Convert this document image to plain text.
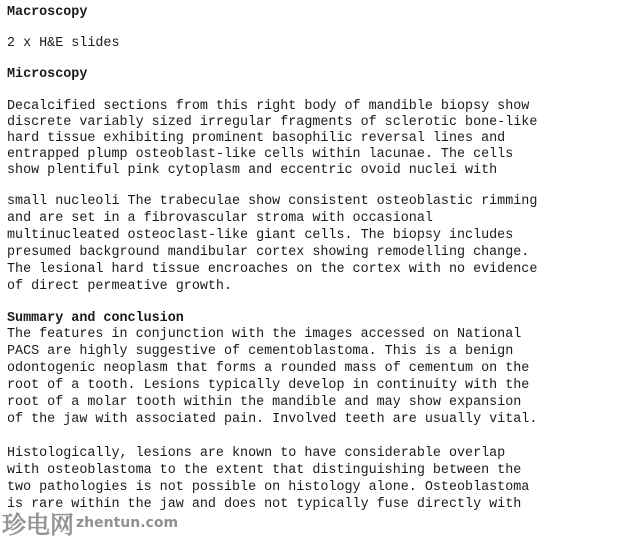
Macroscopy
2 x H&E slides
Microscopy
Decalcified sections from this right body of mandible biopsy show
discrete variably sized irregular fragments of sclerotic bone-like
hard tissue exhibiting prominent basophilic reversal lines and
entrapped plump osteoblast-like cells within lacunae. The cells
show plentiful pink cytoplasm and eccentric ovoid nuclei with
small nucleoli The trabeculae show consistent osteoblastic rimming
and are set in a fibrovascular stroma with occasional
multinucleated osteoclast-like giant cells. The biopsy includes
presumed background mandibular cortex showing remodelling change.
The lesional hard tissue encroaches on the cortex with no evidence
of direct permeative growth.
Summary and conclusion
The features in conjunction with the images accessed on National
PACS are highly suggestive of cementoblastoma. This is a benign
odontogenic neoplasm that forms a rounded mass of cementum on the
root of a tooth. Lesions typically develop in continuity with the
root of a molar tooth within the mandible and may show expansion
of the jaw with associated pain. Involved teeth are usually vital.
Histologically, lesions are known to have considerable overlap
with osteoblastoma to the extent that distinguishing between the
two pathologies is not possible on histology alone. Osteoblastoma
is rare within the jaw and does not typically fuse directly with
珍电网 zhentun.com
